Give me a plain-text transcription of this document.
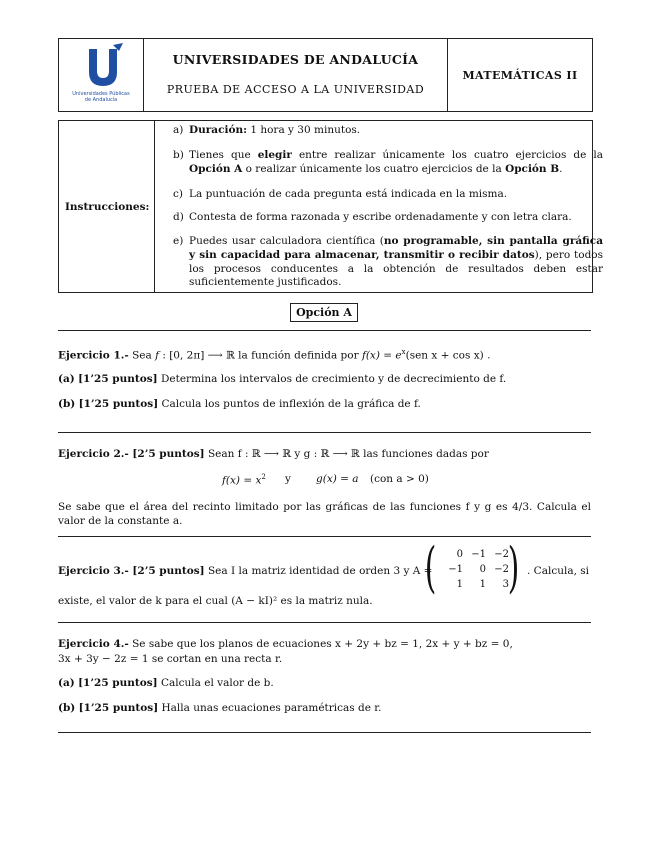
Universidades Públicas
de Andalucía
UNIVERSIDADES DE ANDALUCÍA
PRUEBA DE ACCESO A LA UNIVERSIDAD
MATEMÁTICAS II
Instrucciones:
a) Duración: 1 hora y 30 minutos.
b) Tienes que elegir entre realizar únicamente los cuatro ejercicios de la Opción A o realizar únicamente los cuatro ejercicios de la Opción B.
c) La puntuación de cada pregunta está indicada en la misma.
d) Contesta de forma razonada y escribe ordenadamente y con letra clara.
e) Puedes usar calculadora científica (no programable, sin pantalla gráfica y sin capacidad para almacenar, transmitir o recibir datos), pero todos los procesos conducentes a la obtención de resultados deben estar suficientemente justificados.
Opción A
Ejercicio 1.- Sea f : [0, 2π] ⟶ ℝ la función definida por $f(x) = e^x(sen$ x + cos x) .
(a) [1’25 puntos] Determina los intervalos de crecimiento y de decrecimiento de f.
(b) [1’25 puntos] Calcula los puntos de inflexión de la gráfica de f.
Ejercicio 2.- [2’5 puntos] Sean f : ℝ ⟶ ℝ y g : ℝ ⟶ ℝ las funciones dadas por
$f(x) = x^2$ y g(x) = a (con a > 0)
Se sabe que el área del recinto limitado por las gráficas de las funciones f y g es 4/3. Calcula el valor de la constante a.
Ejercicio 3.- [2’5 puntos] Sea I la matriz identidad de orden 3 y A =
( )
0 −1 −2
−1	0 −2
1	1	3
. Calcula, si
existe, el valor de k para el cual (A − kI)² es la matriz nula.
Ejercicio 4.- Se sabe que los planos de ecuaciones x + 2y + bz = 1, 2x + y + bz = 0,
3x + 3y − 2z = 1 se cortan en una recta r.
(a) [1’25 puntos] Calcula el valor de b.
(b) [1’25 puntos] Halla unas ecuaciones paramétricas de r.
